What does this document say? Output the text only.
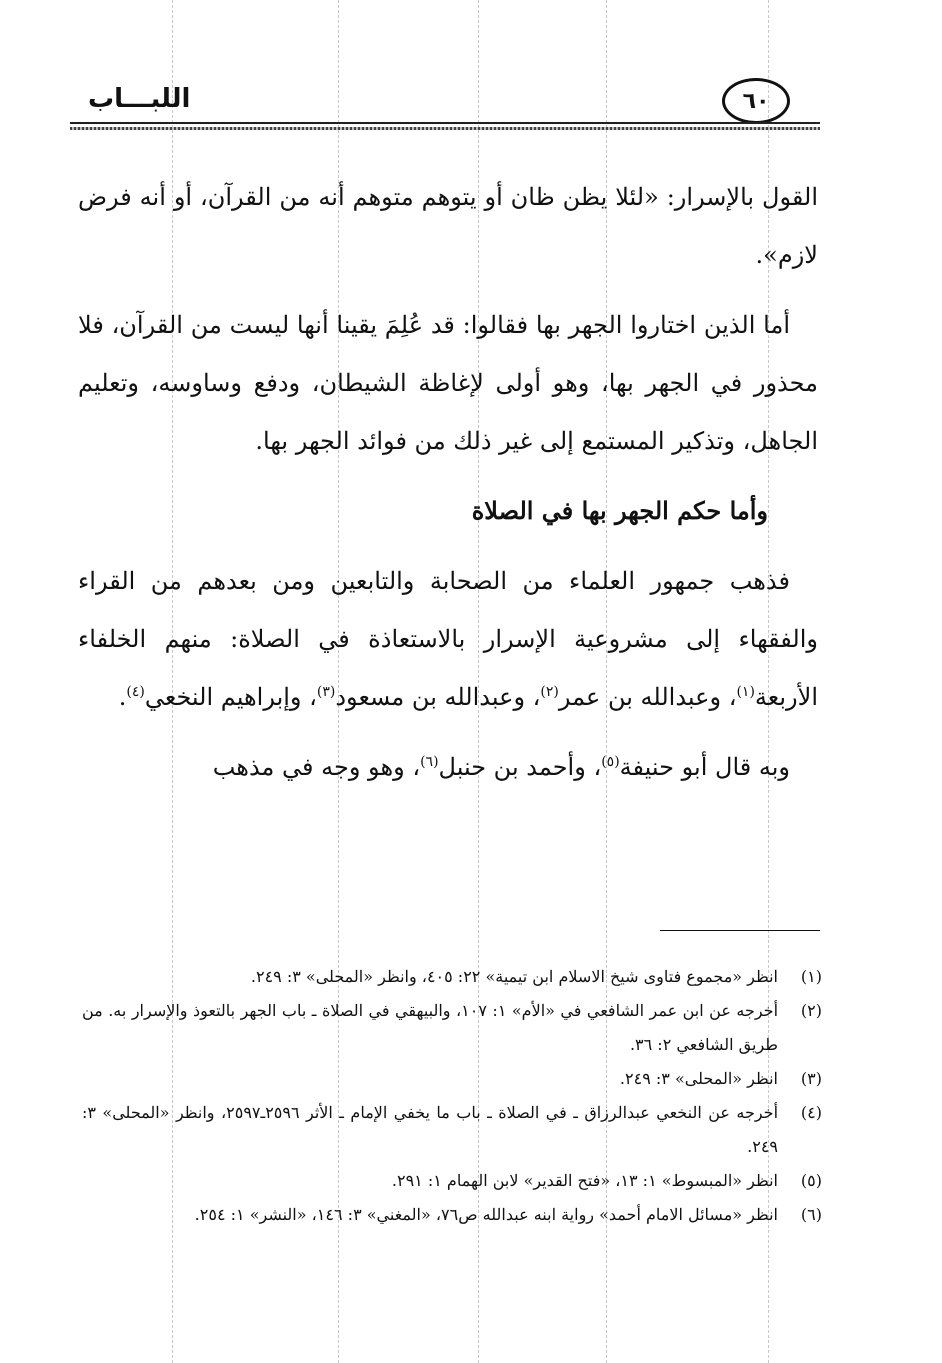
اللبـــاب	٦٠

القول بالإسرار: «لئلا يظن ظان أو يتوهم متوهم أنه من القرآن، أو أنه فرض لازم».

أما الذين اختاروا الجهر بها فقالوا: قد عُلِمَ يقينا أنها ليست من القرآن، فلا محذور في الجهر بها، وهو أولى لإغاظة الشيطان، ودفع وساوسه، وتعليم الجاهل، وتذكير المستمع إلى غير ذلك من فوائد الجهر بها.

وأما حكم الجهر بها في الصلاة

فذهب جمهور العلماء من الصحابة والتابعين ومن بعدهم من القراء والفقهاء إلى مشروعية الإسرار بالاستعاذة في الصلاة: منهم الخلفاء الأربعة$^{(١)}$، وعبدالله بن عمر$^{(٢)}$، وعبدالله بن مسعود$^{(٣)}$، وإبراهيم النخعي$^{(٤)}$.

وبه قال أبو حنيفة$^{(٥)}$، وأحمد بن حنبل$^{(٦)}$، وهو وجه في مذهب

(١)
انظر «مجموع فتاوى شيخ الاسلام ابن تيمية» ٢٢: ٤٠٥، وانظر «المحلى» ٣: ٢٤٩.
(٢)
أخرجه عن ابن عمر الشافعي في «الأم» ١: ١٠٧، والبيهقي في الصلاة ـ باب الجهر بالتعوذ والإسرار به. من طريق الشافعي ٢: ٣٦.
(٣)
انظر «المحلى» ٣: ٢٤٩.
(٤)
أخرجه عن النخعي عبدالرزاق ـ في الصلاة ـ باب ما يخفي الإمام ـ الأثر ٢٥٩٦ـ٢٥٩٧، وانظر «المحلى» ٣: ٢٤٩.
(٥)
انظر «المبسوط» ١: ١٣، «فتح القدير» لابن الهمام ١: ٢٩١.
(٦)
انظر «مسائل الامام أحمد» رواية ابنه عبدالله ص٧٦، «المغني» ٣: ١٤٦، «النشر» ١: ٢٥٤.
